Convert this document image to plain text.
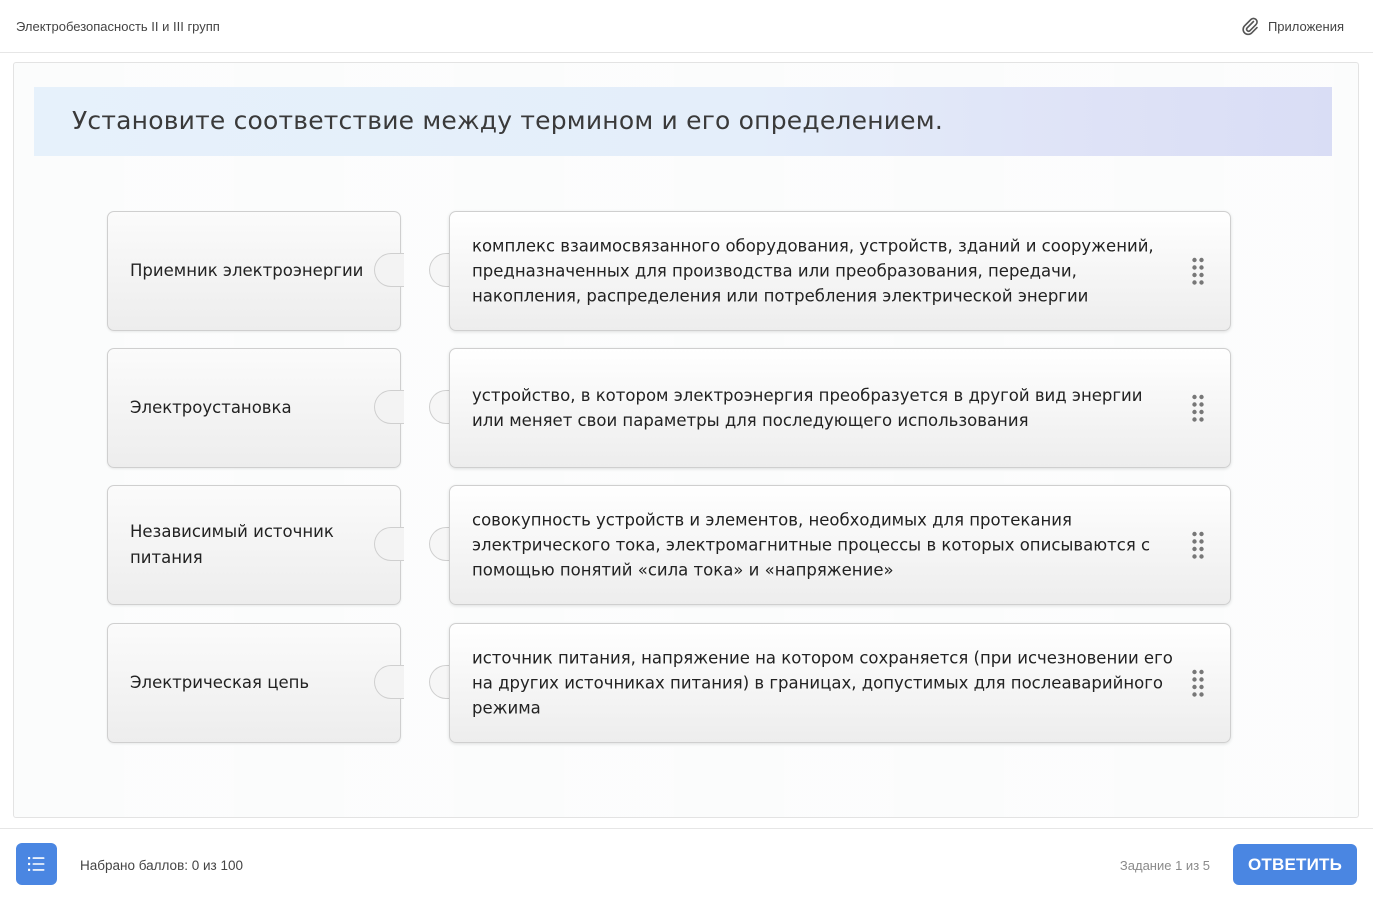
Электробезопасность II и III групп	Приложения
Установите соответствие между термином и его определением.
Приемник электроэнергии
комплекс взаимосвязанного оборудования, устройств, зданий и сооружений, предназначенных для производства или преобразования, передачи, накопления, распределения или потребления электрической энергии
Электроустановка
устройство, в котором электроэнергия преобразуется в другой вид энергии или меняет свои параметры для последующего использования
Независимый источник питания
совокупность устройств и элементов, необходимых для протекания электрического тока, электромагнитные процессы в которых описываются с помощью понятий «сила тока» и «напряжение»
Электрическая цепь
источник питания, напряжение на котором сохраняется (при исчезновении его на других источниках питания) в границах, допустимых для послеаварийного режима
Набрано баллов: 0 из 100	Задание 1 из 5	ОТВЕТИТЬ
